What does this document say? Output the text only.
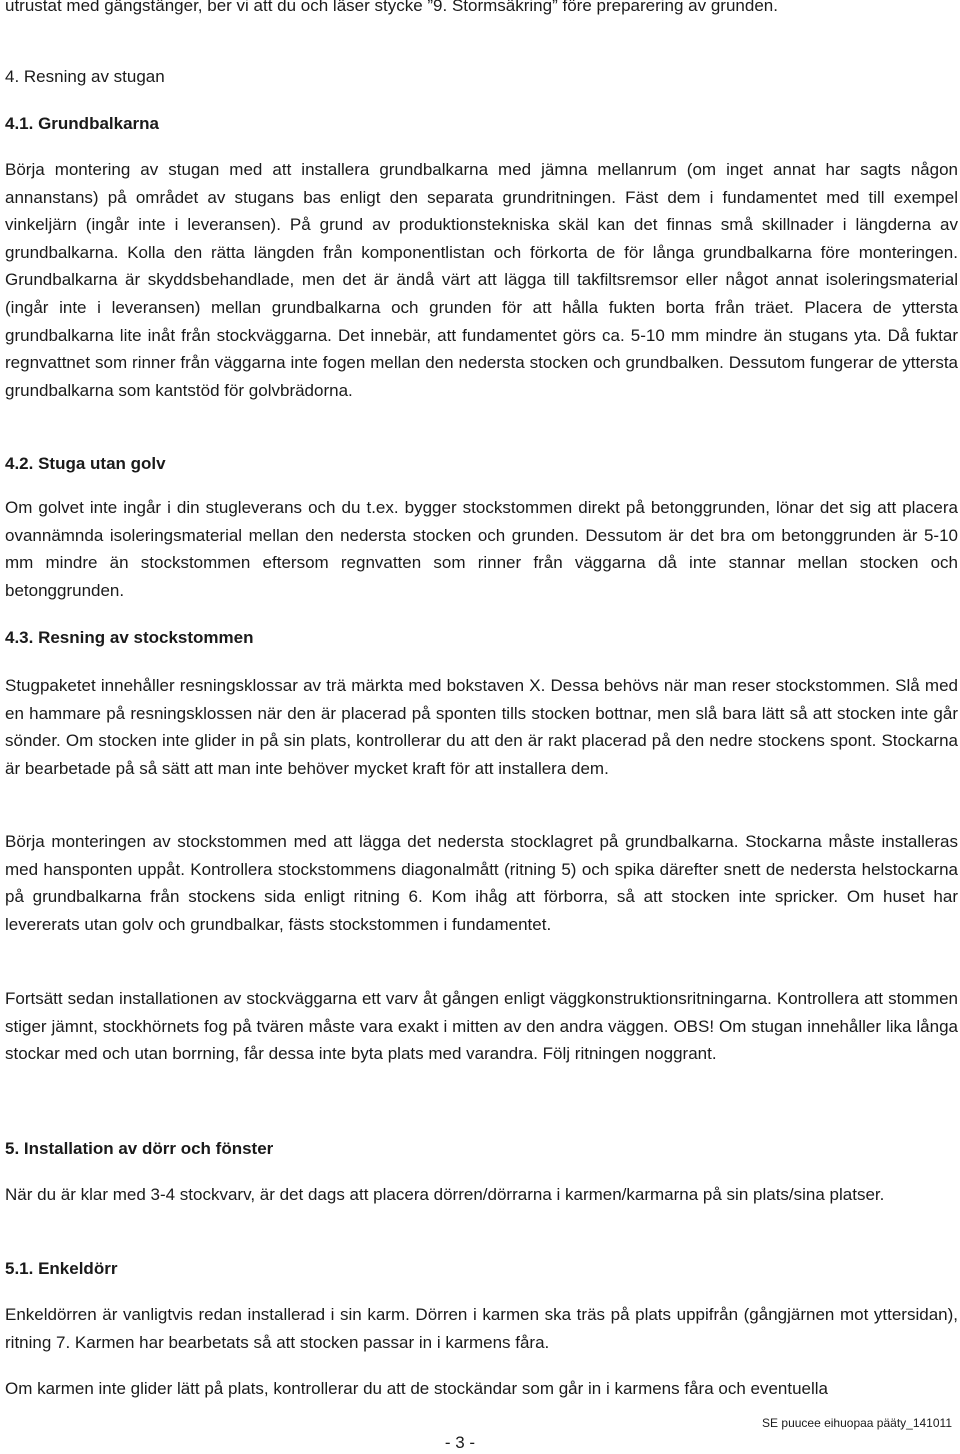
utrustat med gängstänger, ber vi att du och läser stycke ”9. Stormsäkring” före preparering av grunden.

4. Resning av stugan
4.1. Grundbalkarna

Börja montering av stugan med att installera grundbalkarna med jämna mellanrum (om inget annat har sagts någon annanstans) på området av stugans bas enligt den separata grundritningen. Fäst dem i fundamentet med till exempel vinkeljärn (ingår inte i leveransen). På grund av produktionstekniska skäl kan det finnas små skillnader i längderna av grundbalkarna. Kolla den rätta längden från komponentlistan och förkorta de för långa grundbalkarna före monteringen. Grundbalkarna är skyddsbehandlade, men det är ändå värt att lägga till takfiltsremsor eller något annat isoleringsmaterial (ingår inte i leveransen) mellan grundbalkarna och grunden för att hålla fukten borta från träet. Placera de yttersta grundbalkarna lite inåt från stockväggarna. Det innebär, att fundamentet görs ca. 5-10 mm mindre än stugans yta. Då fuktar regnvattnet som rinner från väggarna inte fogen mellan den nedersta stocken och grundbalken. Dessutom fungerar de yttersta grundbalkarna som kantstöd för golvbrädorna.

4.2. Stuga utan golv

Om golvet inte ingår i din stugleverans och du t.ex. bygger stockstommen direkt på betonggrunden, lönar det sig att placera ovannämnda isoleringsmaterial mellan den nedersta stocken och grunden. Dessutom är det bra om betonggrunden är 5-10 mm mindre än stockstommen eftersom regnvatten som rinner från väggarna då inte stannar mellan stocken och betonggrunden.

4.3. Resning av stockstommen

Stugpaketet innehåller resningsklossar av trä märkta med bokstaven X. Dessa behövs när man reser stockstommen. Slå med en hammare på resningsklossen när den är placerad på sponten tills stocken bottnar, men slå bara lätt så att stocken inte går sönder. Om stocken inte glider in på sin plats, kontrollerar du att den är rakt placerad på den nedre stockens spont. Stockarna är bearbetade på så sätt att man inte behöver mycket kraft för att installera dem.

Börja monteringen av stockstommen med att lägga det nedersta stocklagret på grundbalkarna. Stockarna måste installeras med hansponten uppåt. Kontrollera stockstommens diagonalmått (ritning 5) och spika därefter snett de nedersta helstockarna på grundbalkarna från stockens sida enligt ritning 6. Kom ihåg att förborra, så att stocken inte spricker. Om huset har levererats utan golv och grundbalkar, fästs stockstommen i fundamentet.

Fortsätt sedan installationen av stockväggarna ett varv åt gången enligt väggkonstruktionsritningarna. Kontrollera att stommen stiger jämnt, stockhörnets fog på tvären måste vara exakt i mitten av den andra väggen. OBS! Om stugan innehåller lika långa stockar med och utan borrning, får dessa inte byta plats med varandra. Följ ritningen noggrant.

5. Installation av dörr och fönster

När du är klar med 3-4 stockvarv, är det dags att placera dörren/dörrarna i karmen/karmarna på sin plats/sina platser.

5.1. Enkeldörr

Enkeldörren är vanligtvis redan installerad i sin karm. Dörren i karmen ska träs på plats uppifrån (gångjärnen mot yttersidan), ritning 7. Karmen har bearbetats så att stocken passar in i karmens fåra.

Om karmen inte glider lätt på plats, kontrollerar du att de stockändar som går in i karmens fåra och eventuella

SE puucee eihuopaa pääty_141011
- 3 -
